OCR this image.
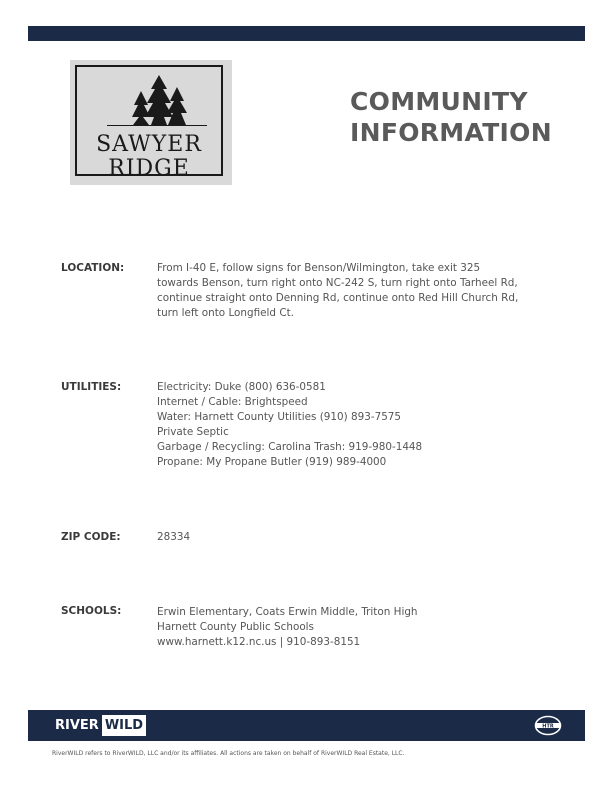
SAWYER
RIDGE
COMMUNITY
INFORMATION
LOCATION:	From I-40 E, follow signs for Benson/Wilmington, take exit 325
towards Benson, turn right onto NC-242 S, turn right onto Tarheel Rd,
continue straight onto Denning Rd, continue onto Red Hill Church Rd,
turn left onto Longfield Ct.
UTILITIES:	Electricity: Duke (800) 636-0581
Internet / Cable: Brightspeed
Water: Harnett County Utilities (910) 893-7575
Private Septic
Garbage / Recycling: Carolina Trash: 919-980-1448
Propane: My Propane Butler (919) 989-4000
ZIP CODE:	28334
SCHOOLS:	Erwin Elementary, Coats Erwin Middle, Triton High
Harnett County Public Schools
www.harnett.k12.nc.us | 910-893-8151
RIVER WILD	HTR
RiverWILD refers to RiverWILD, LLC and/or its affiliates. All actions are taken on behalf of RiverWILD Real Estate, LLC.
